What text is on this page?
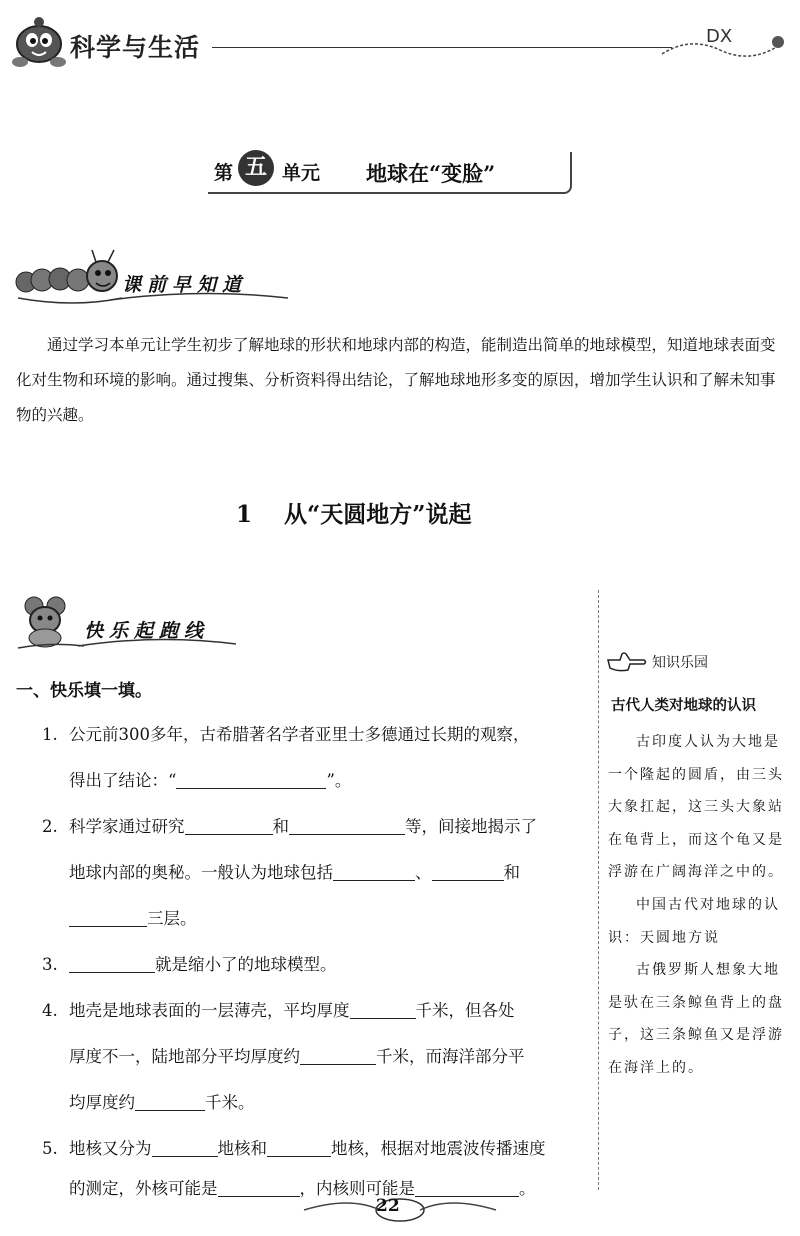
科学与生活	DX
第 五 单元 地球在“变脸”
课前早知道
通过学习本单元让学生初步了解地球的形状和地球内部的构造，能制造出简单的地球模型，知道地球表面变化对生物和环境的影响。通过搜集、分析资料得出结论，了解地球地形多变的原因，增加学生认识和了解未知事物的兴趣。
1 从“天圆地方”说起
快乐起跑线
一、快乐填一填。
1. 公元前300多年，古希腊著名学者亚里士多德通过长期的观察，
得出了结论：“	”。
2. 科学家通过研究	和	等，间接地揭示了
地球内部的奥秘。一般认为地球包括	、	和
三层。
3.	就是缩小了的地球模型。
4. 地壳是地球表面的一层薄壳，平均厚度	千米，但各处
厚度不一，陆地部分平均厚度约	千米，而海洋部分平
均厚度约	千米。
5. 地核又分为	地核和	地核，根据对地震波传播速度
的测定，外核可能是	，内核则可能是	。
知识乐园
古代人类对地球的认识

古印度人认为大地是一个隆起的圆盾，由三头大象扛起，这三头大象站在龟背上，而这个龟又是浮游在广阔海洋之中的。

中国古代对地球的认识：天圆地方说

古俄罗斯人想象大地是驮在三条鲸鱼背上的盘子，这三条鲸鱼又是浮游在海洋上的。

22
